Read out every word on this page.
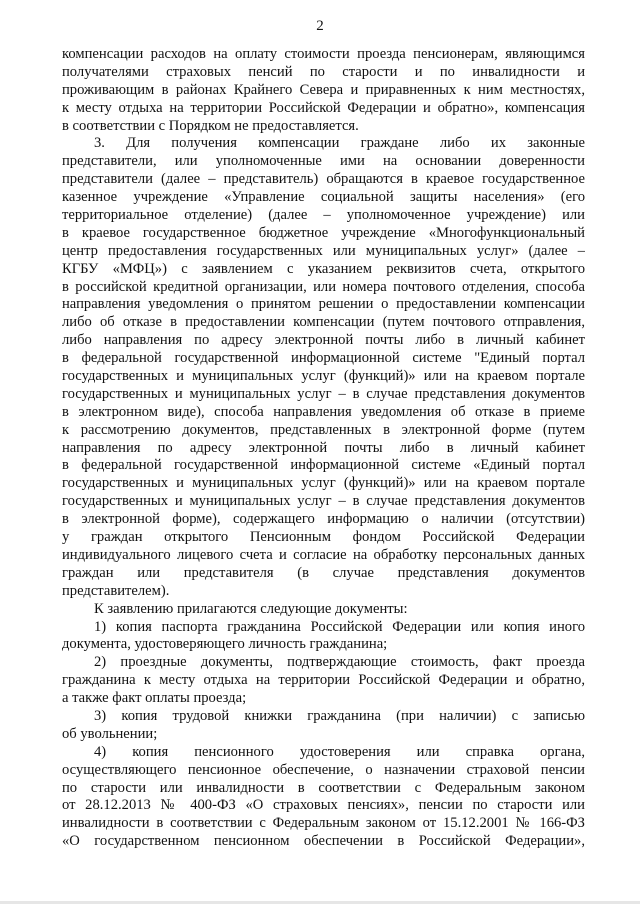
2
компенсации расходов на оплату стоимости проезда пенсионерам, являющимся
получателями страховых пенсий по старости и по инвалидности и
проживающим в районах Крайнего Севера и приравненных к ним местностях,
к месту отдыха на территории Российской Федерации и обратно», компенсация
в соответствии с Порядком не предоставляется.
3. Для получения компенсации граждане либо их законные
представители, или уполномоченные ими на основании доверенности
представители (далее – представитель) обращаются в краевое государственное
казенное учреждение «Управление социальной защиты населения» (его
территориальное отделение) (далее – уполномоченное учреждение) или
в краевое государственное бюджетное учреждение «Многофункциональный
центр предоставления государственных или муниципальных услуг» (далее –
КГБУ «МФЦ») с заявлением с указанием реквизитов счета, открытого
в российской кредитной организации, или номера почтового отделения, способа
направления уведомления о принятом решении о предоставлении компенсации
либо об отказе в предоставлении компенсации (путем почтового отправления,
либо направления по адресу электронной почты либо в личный кабинет
в федеральной государственной информационной системе "Единый портал
государственных и муниципальных услуг (функций)» или на краевом портале
государственных и муниципальных услуг – в случае представления документов
в электронном виде), способа направления уведомления об отказе в приеме
к рассмотрению документов, представленных в электронной форме (путем
направления по адресу электронной почты либо в личный кабинет
в федеральной государственной информационной системе «Единый портал
государственных и муниципальных услуг (функций)» или на краевом портале
государственных и муниципальных услуг – в случае представления документов
в электронной форме), содержащего информацию о наличии (отсутствии)
у граждан открытого Пенсионным фондом Российской Федерации
индивидуального лицевого счета и согласие на обработку персональных данных
граждан или представителя (в случае представления документов
представителем).
К заявлению прилагаются следующие документы:
1) копия паспорта гражданина Российской Федерации или копия иного
документа, удостоверяющего личность гражданина;
2) проездные документы, подтверждающие стоимость, факт проезда
гражданина к месту отдыха на территории Российской Федерации и обратно,
а также факт оплаты проезда;
3) копия трудовой книжки гражданина (при наличии) с записью
об увольнении;
4) копия пенсионного удостоверения или справка органа,
осуществляющего пенсионное обеспечение, о назначении страховой пенсии
по старости или инвалидности в соответствии с Федеральным законом
от 28.12.2013 № 400-ФЗ «О страховых пенсиях», пенсии по старости или
инвалидности в соответствии с Федеральным законом от 15.12.2001 № 166-ФЗ
«О государственном пенсионном обеспечении в Российской Федерации»,
